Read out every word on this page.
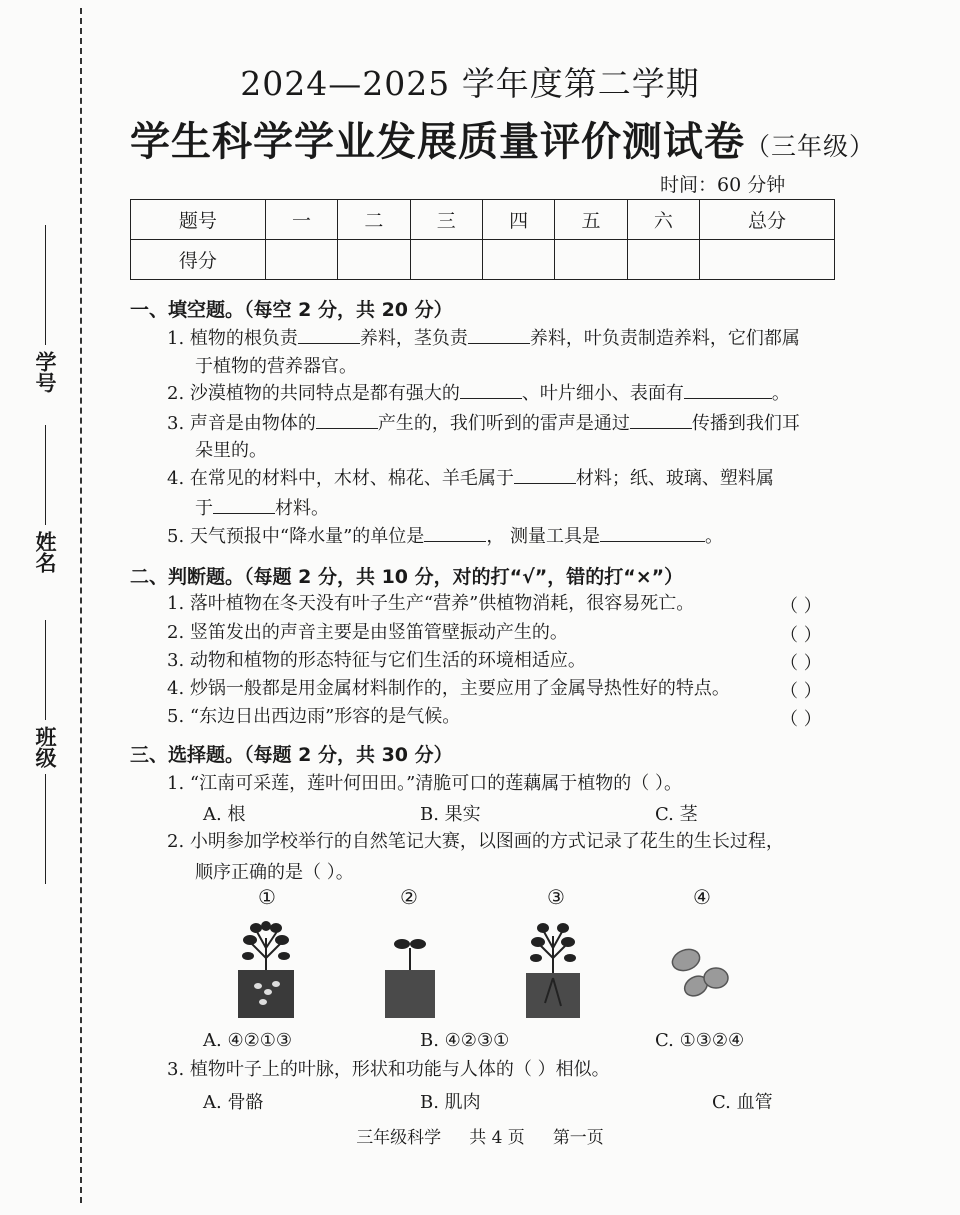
学号
姓名
班级
2024—2025 学年度第二学期
学生科学学业发展质量评价测试卷（三年级）
时间：60 分钟
题号	一	二	三	四	五	六	总分
得分							
一、填空题。（每空 2 分，共 20 分）
1. 植物的根负责	养料，茎负责	养料，叶负责制造养料，它们都属
于植物的营养器官。
2. 沙漠植物的共同特点是都有强大的	、叶片细小、表面有	。
3. 声音是由物体的	产生的，我们听到的雷声是通过	传播到我们耳
朵里的。
4. 在常见的材料中，木材、棉花、羊毛属于	材料；纸、玻璃、塑料属
于	材料。
5. 天气预报中“降水量”的单位是	， 测量工具是	。
二、判断题。（每题 2 分，共 10 分，对的打“√”，错的打“×”）
1. 落叶植物在冬天没有叶子生产“营养”供植物消耗，很容易死亡。	（ ）
2. 竖笛发出的声音主要是由竖笛管壁振动产生的。	（ ）
3. 动物和植物的形态特征与它们生活的环境相适应。	（ ）
4. 炒锅一般都是用金属材料制作的，主要应用了金属导热性好的特点。	（ ）
5. “东边日出西边雨”形容的是气候。	（ ）
三、选择题。（每题 2 分，共 30 分）
1. “江南可采莲，莲叶何田田。”清脆可口的莲藕属于植物的（ ）。
A. 根	B. 果实	C. 茎
2. 小明参加学校举行的自然笔记大赛，以图画的方式记录了花生的生长过程，
顺序正确的是（ ）。
①	②	③	④
A. ④②①③	B. ④②③①	C. ①③②④
3. 植物叶子上的叶脉，形状和功能与人体的（ ）相似。
A. 骨骼	B. 肌肉	C. 血管
三年级科学 共 4 页 第一页
